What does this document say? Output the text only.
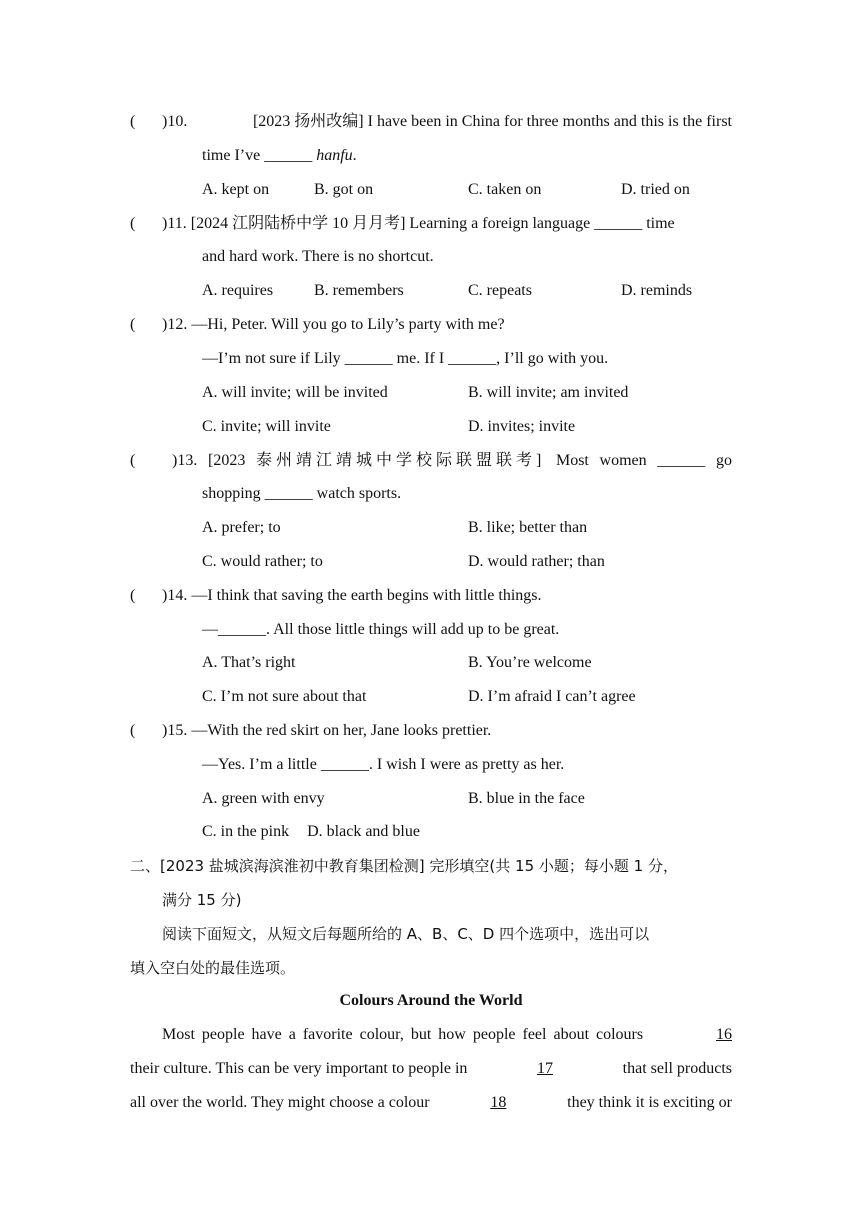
( )10.	[2023 扬州改编] I have been in China for three months and this is the first
time I’ve ______ hanfu.
A. kept on	B. got on	C. taken on	D. tried on
( )11. [2024 江阴陆桥中学 10 月月考] Learning a foreign language ______ time
and hard work. There is no shortcut.
A. requires	B. remembers	C. repeats	D. reminds
( )12. —Hi, Peter. Will you go to Lily’s party with me?
—I’m not sure if Lily ______ me. If I ______, I’ll go with you.
A. will invite; will be invited	B. will invite; am invited
C. invite; will invite	D. invites; invite
( )13. [2023 泰州靖江靖城中学校际联盟联考] Most women ______ go
shopping ______ watch sports.
A. prefer; to	B. like; better than
C. would rather; to	D. would rather; than
( )14. —I think that saving the earth begins with little things.
—______. All those little things will add up to be great.
A. That’s right	B. You’re welcome
C. I’m not sure about that	D. I’m afraid I can’t agree
( )15. —With the red skirt on her, Jane looks prettier.
—Yes. I’m a little ______. I wish I were as pretty as her.
A. green with envy	B. blue in the face
C. in the pink D. black and blue
二、[2023 盐城滨海滨淮初中教育集团检测] 完形填空(共 15 小题；每小题 1 分，
满分 15 分)
阅读下面短文，从短文后每题所给的 A、B、C、D 四个选项中，选出可以
填入空白处的最佳选项。
Colours Around the World
Most people have a favorite colour, but how people feel about colours	16
their culture. This can be very important to people in	17	that sell products
all over the world. They might choose a colour	18	they think it is exciting or
